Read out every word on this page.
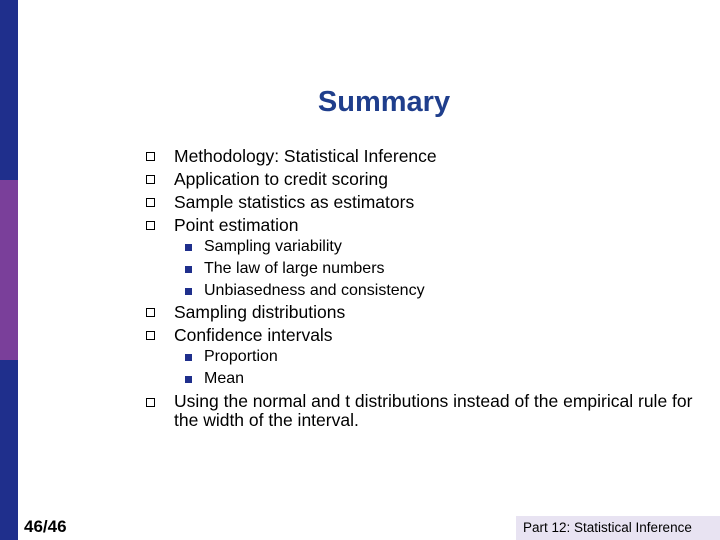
Summary
Methodology: Statistical Inference
Application to credit scoring
Sample statistics as estimators
Point estimation
Sampling variability
The law of large numbers
Unbiasedness and consistency
Sampling distributions
Confidence intervals
Proportion
Mean
Using the normal and t distributions instead of the empirical rule for the width of the interval.
46/46	Part 12: Statistical Inference
